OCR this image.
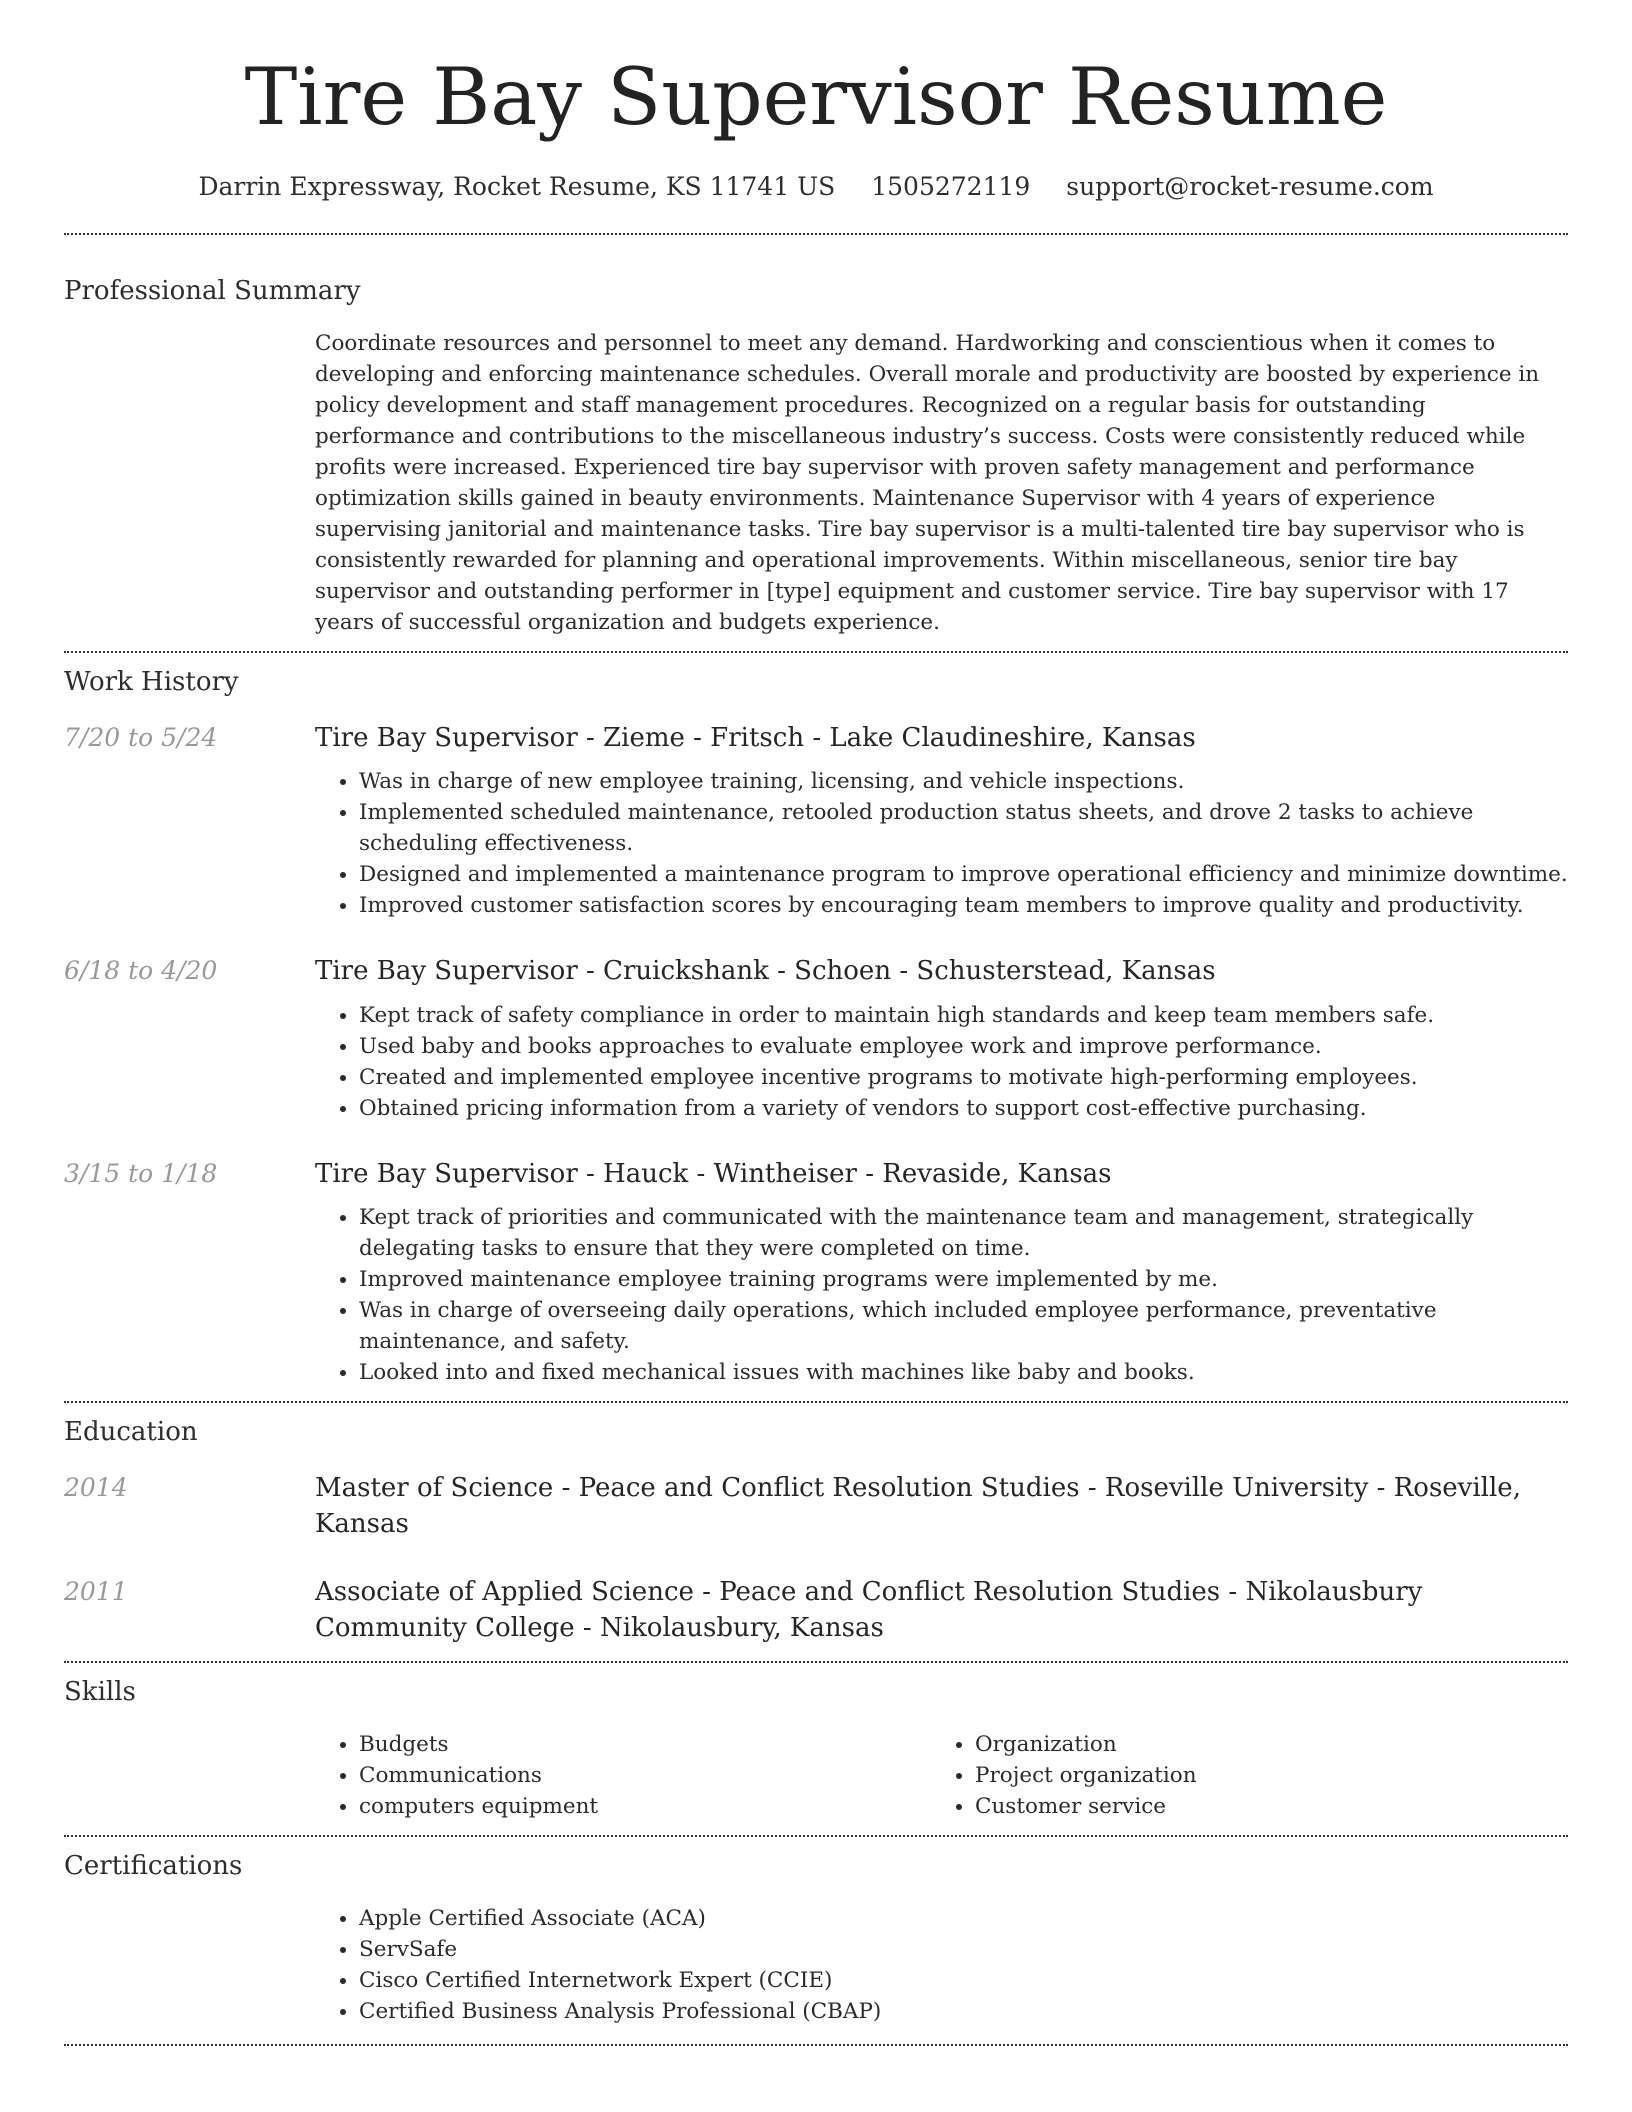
Tire Bay Supervisor Resume
Darrin Expressway, Rocket Resume, KS 11741 US 1505272119 support@rocket-resume.com
Professional Summary
Coordinate resources and personnel to meet any demand. Hardworking and conscientious when it comes to developing and enforcing maintenance schedules. Overall morale and productivity are boosted by experience in policy development and staff management procedures. Recognized on a regular basis for outstanding performance and contributions to the miscellaneous industry’s success. Costs were consistently reduced while profits were increased. Experienced tire bay supervisor with proven safety management and performance optimization skills gained in beauty environments. Maintenance Supervisor with 4 years of experience supervising janitorial and maintenance tasks. Tire bay supervisor is a multi-talented tire bay supervisor who is consistently rewarded for planning and operational improvements. Within miscellaneous, senior tire bay supervisor and outstanding performer in [type] equipment and customer service. Tire bay supervisor with 17 years of successful organization and budgets experience.
Work History
7/20 to 5/24	Tire Bay Supervisor - Zieme - Fritsch - Lake Claudineshire, Kansas
• Was in charge of new employee training, licensing, and vehicle inspections.
• Implemented scheduled maintenance, retooled production status sheets, and drove 2 tasks to achieve scheduling effectiveness.
• Designed and implemented a maintenance program to improve operational efficiency and minimize downtime.
• Improved customer satisfaction scores by encouraging team members to improve quality and productivity.
6/18 to 4/20	Tire Bay Supervisor - Cruickshank - Schoen - Schusterstead, Kansas
• Kept track of safety compliance in order to maintain high standards and keep team members safe.
• Used baby and books approaches to evaluate employee work and improve performance.
• Created and implemented employee incentive programs to motivate high-performing employees.
• Obtained pricing information from a variety of vendors to support cost-effective purchasing.
3/15 to 1/18	Tire Bay Supervisor - Hauck - Wintheiser - Revaside, Kansas
• Kept track of priorities and communicated with the maintenance team and management, strategically delegating tasks to ensure that they were completed on time.
• Improved maintenance employee training programs were implemented by me.
• Was in charge of overseeing daily operations, which included employee performance, preventative maintenance, and safety.
• Looked into and fixed mechanical issues with machines like baby and books.
Education
2014	Master of Science - Peace and Conflict Resolution Studies - Roseville University - Roseville, Kansas
2011	Associate of Applied Science - Peace and Conflict Resolution Studies - Nikolausbury Community College - Nikolausbury, Kansas
Skills
• Budgets
• Communications
• computers equipment
• Organization
• Project organization
• Customer service
Certifications
• Apple Certified Associate (ACA)
• ServSafe
• Cisco Certified Internetwork Expert (CCIE)
• Certified Business Analysis Professional (CBAP)
